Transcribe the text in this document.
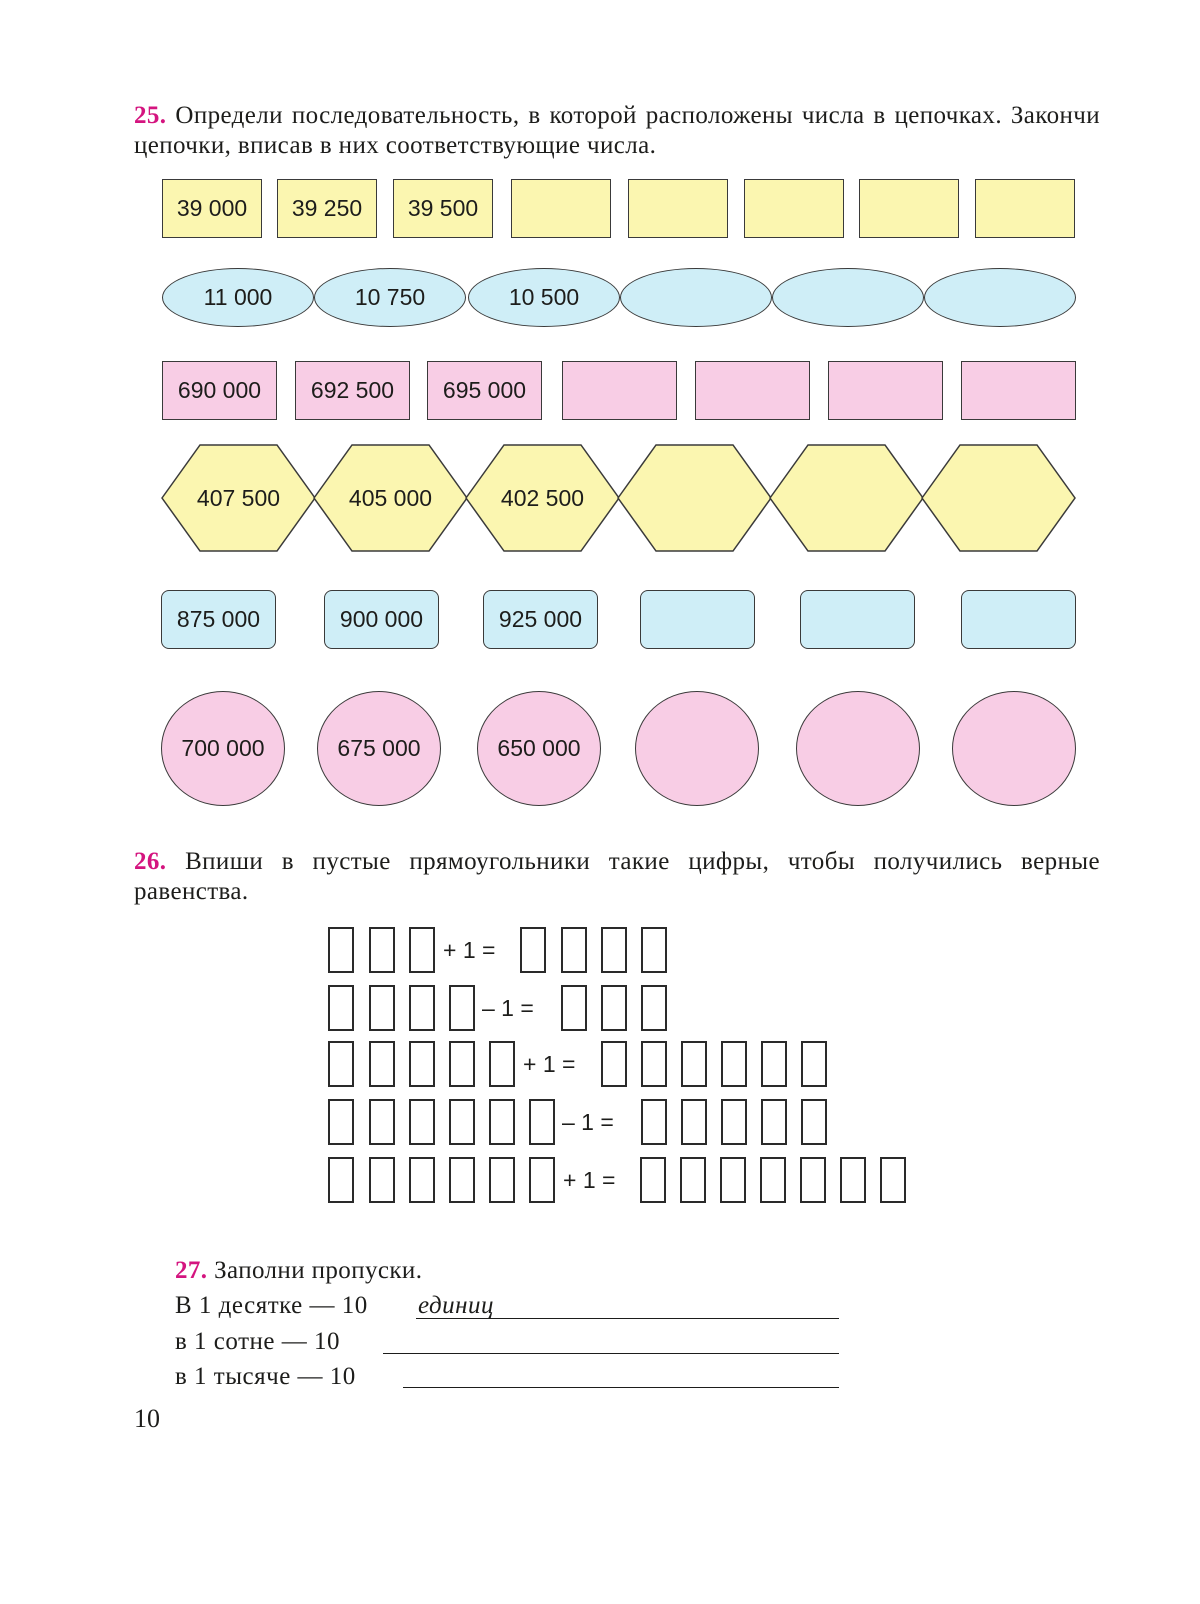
25. Определи последовательность, в которой расположены числа в цепочках. Закончи цепочки, вписав в них соответствующие числа.
39 000	39 250	39 500
11 000	10 750	10 500
690 000	692 500	695 000
407 500	405 000	402 500
875 000	900 000	925 000
700 000	675 000	650 000
26. Впиши в пустые прямоугольники такие цифры, чтобы получились верные равенства.
+ 1 =
– 1 =
+ 1 =
– 1 =
+ 1 =
27. Заполни пропуски.
В 1 десятке — 10 единиц
в 1 сотне — 10
в 1 тысяче — 10
10
